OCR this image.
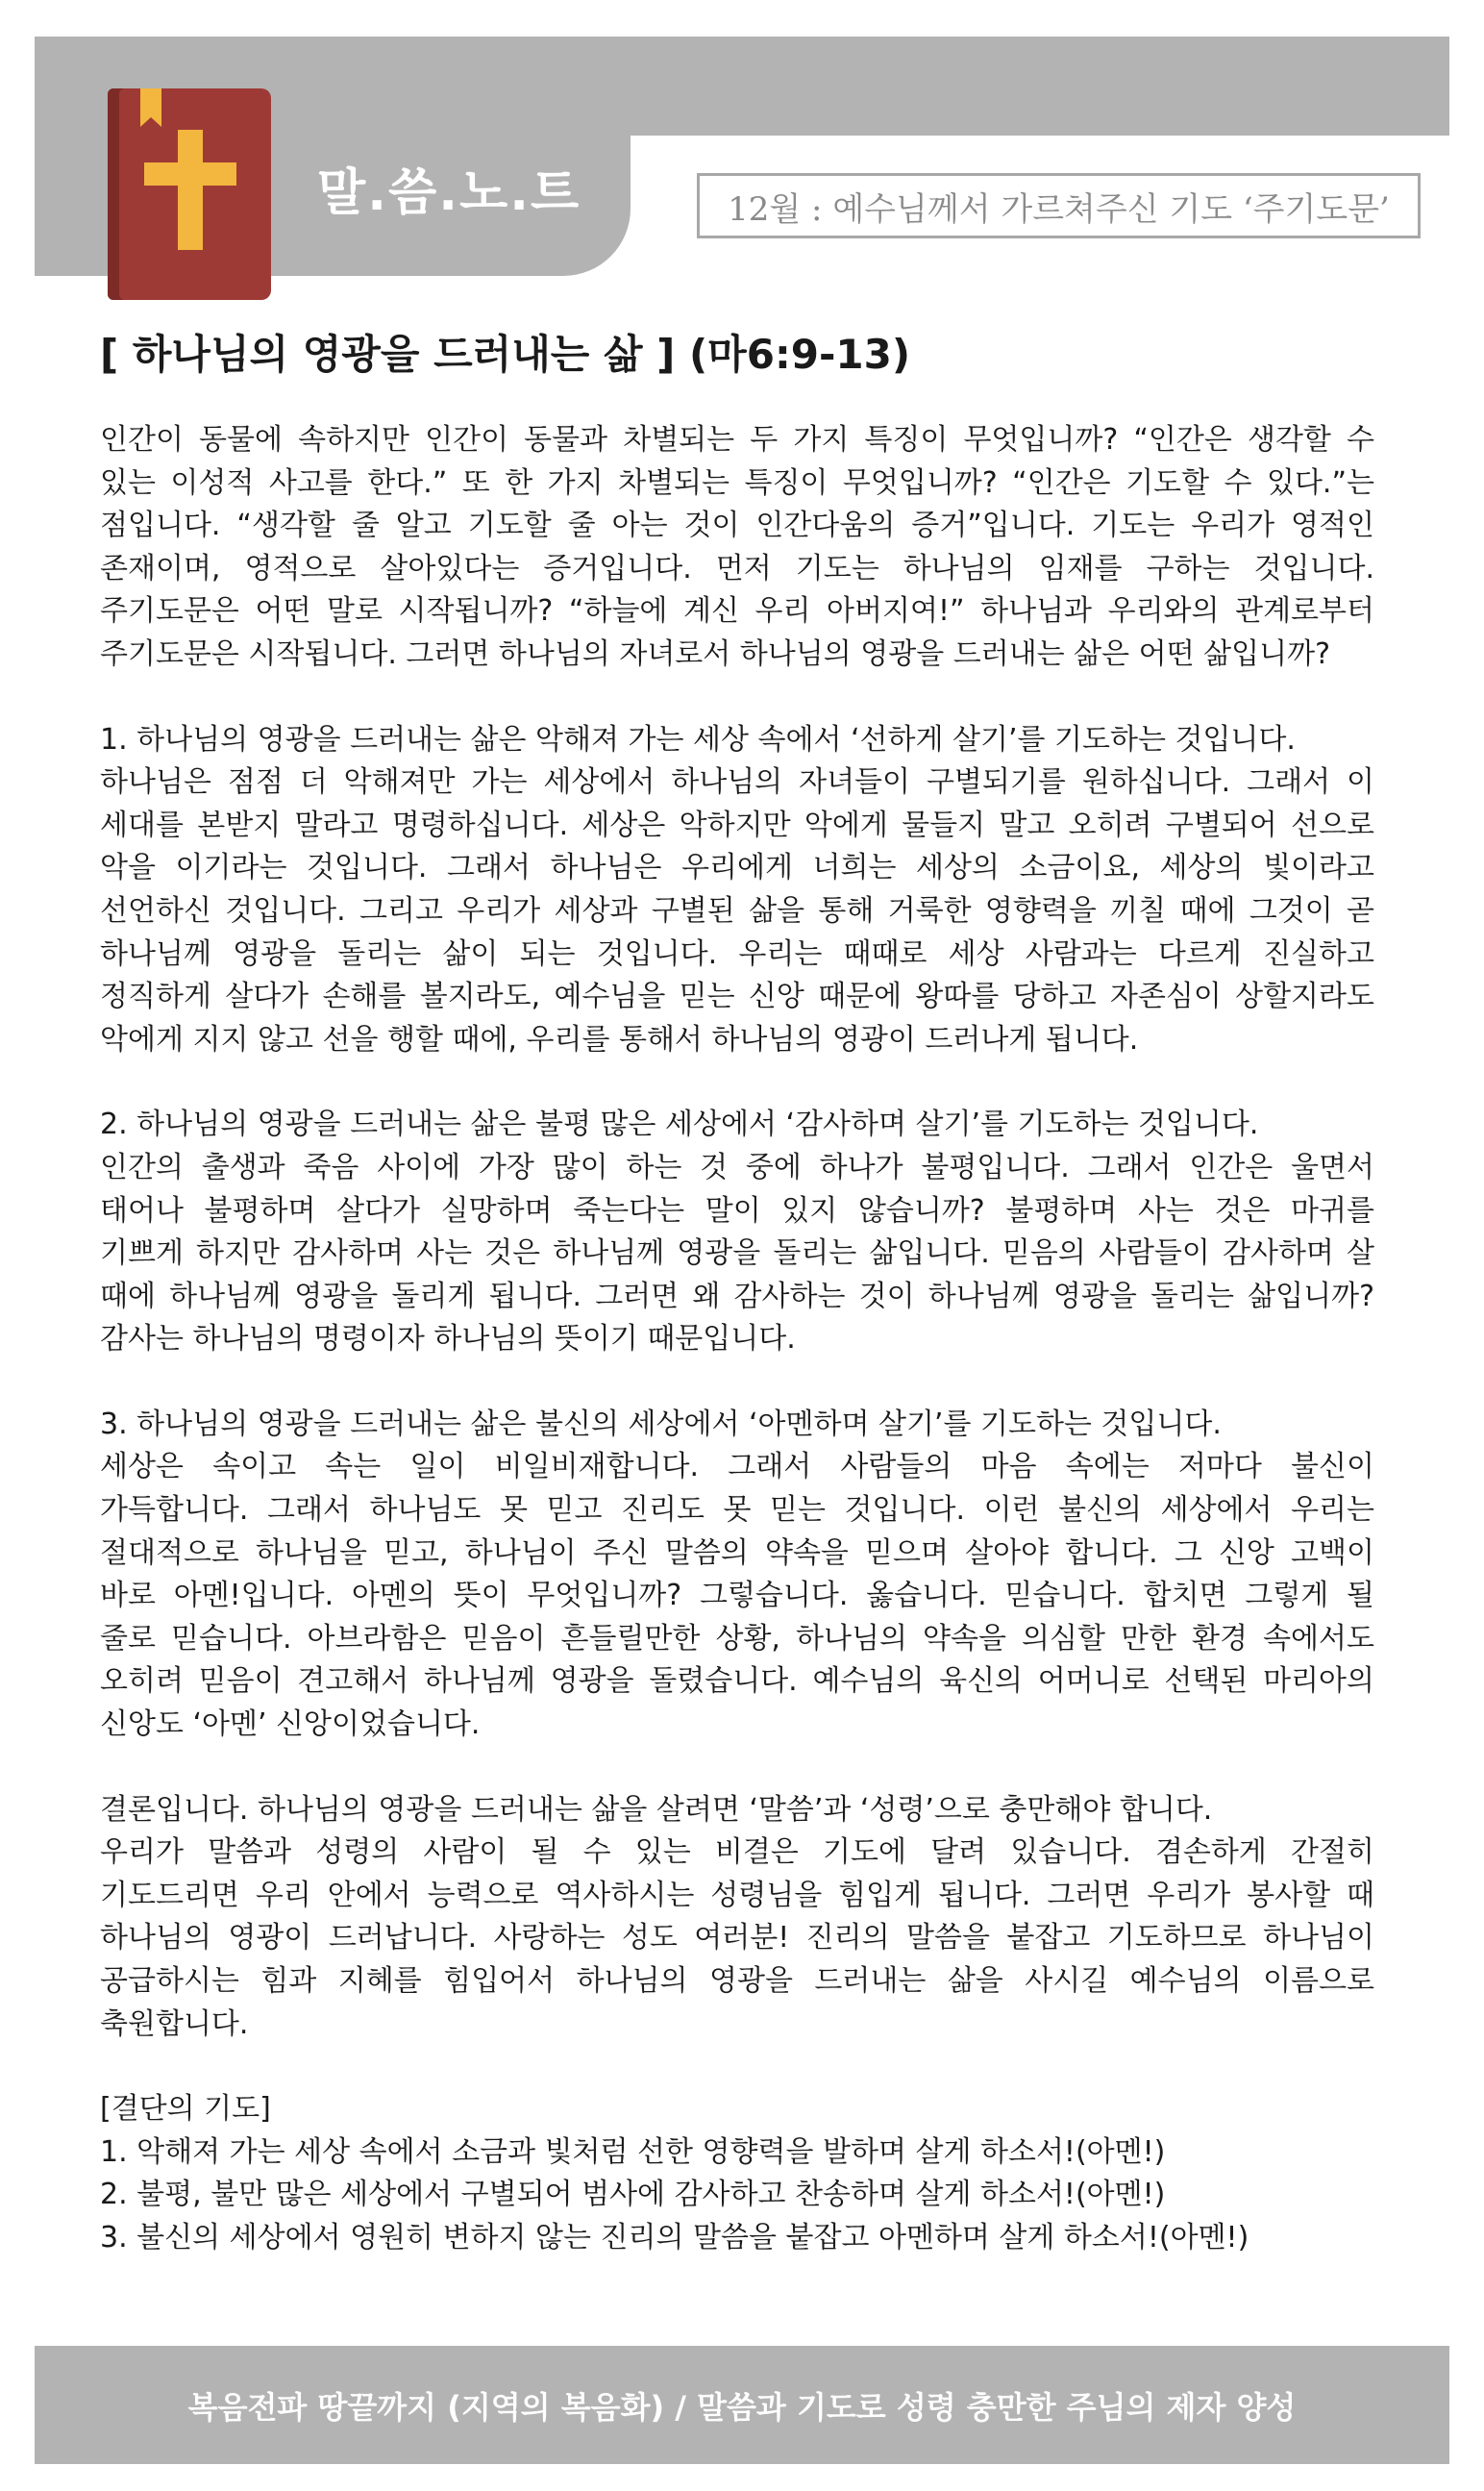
말.씀.노.트	12월 : 예수님께서 가르쳐주신 기도 ‘주기도문’
[ 하나님의 영광을 드러내는 삶 ] (마6:9-13)
인간이 동물에 속하지만 인간이 동물과 차별되는 두 가지 특징이 무엇입니까? “인간은 생각할 수
있는 이성적 사고를 한다.” 또 한 가지 차별되는 특징이 무엇입니까? “인간은 기도할 수 있다.”는
점입니다. “생각할 줄 알고 기도할 줄 아는 것이 인간다움의 증거”입니다. 기도는 우리가 영적인
존재이며, 영적으로 살아있다는 증거입니다. 먼저 기도는 하나님의 임재를 구하는 것입니다.
주기도문은 어떤 말로 시작됩니까? “하늘에 계신 우리 아버지여!” 하나님과 우리와의 관계로부터
주기도문은 시작됩니다. 그러면 하나님의 자녀로서 하나님의 영광을 드러내는 삶은 어떤 삶입니까?
1. 하나님의 영광을 드러내는 삶은 악해져 가는 세상 속에서 ‘선하게 살기’를 기도하는 것입니다.
하나님은 점점 더 악해져만 가는 세상에서 하나님의 자녀들이 구별되기를 원하십니다. 그래서 이
세대를 본받지 말라고 명령하십니다. 세상은 악하지만 악에게 물들지 말고 오히려 구별되어 선으로
악을 이기라는 것입니다. 그래서 하나님은 우리에게 너희는 세상의 소금이요, 세상의 빛이라고
선언하신 것입니다. 그리고 우리가 세상과 구별된 삶을 통해 거룩한 영향력을 끼칠 때에 그것이 곧
하나님께 영광을 돌리는 삶이 되는 것입니다. 우리는 때때로 세상 사람과는 다르게 진실하고
정직하게 살다가 손해를 볼지라도, 예수님을 믿는 신앙 때문에 왕따를 당하고 자존심이 상할지라도
악에게 지지 않고 선을 행할 때에, 우리를 통해서 하나님의 영광이 드러나게 됩니다.
2. 하나님의 영광을 드러내는 삶은 불평 많은 세상에서 ‘감사하며 살기’를 기도하는 것입니다.
인간의 출생과 죽음 사이에 가장 많이 하는 것 중에 하나가 불평입니다. 그래서 인간은 울면서
태어나 불평하며 살다가 실망하며 죽는다는 말이 있지 않습니까? 불평하며 사는 것은 마귀를
기쁘게 하지만 감사하며 사는 것은 하나님께 영광을 돌리는 삶입니다. 믿음의 사람들이 감사하며 살
때에 하나님께 영광을 돌리게 됩니다. 그러면 왜 감사하는 것이 하나님께 영광을 돌리는 삶입니까?
감사는 하나님의 명령이자 하나님의 뜻이기 때문입니다.
3. 하나님의 영광을 드러내는 삶은 불신의 세상에서 ‘아멘하며 살기’를 기도하는 것입니다.
세상은 속이고 속는 일이 비일비재합니다. 그래서 사람들의 마음 속에는 저마다 불신이
가득합니다. 그래서 하나님도 못 믿고 진리도 못 믿는 것입니다. 이런 불신의 세상에서 우리는
절대적으로 하나님을 믿고, 하나님이 주신 말씀의 약속을 믿으며 살아야 합니다. 그 신앙 고백이
바로 아멘!입니다. 아멘의 뜻이 무엇입니까? 그렇습니다. 옳습니다. 믿습니다. 합치면 그렇게 될
줄로 믿습니다. 아브라함은 믿음이 흔들릴만한 상황, 하나님의 약속을 의심할 만한 환경 속에서도
오히려 믿음이 견고해서 하나님께 영광을 돌렸습니다. 예수님의 육신의 어머니로 선택된 마리아의
신앙도 ‘아멘’ 신앙이었습니다.
결론입니다. 하나님의 영광을 드러내는 삶을 살려면 ‘말씀’과 ‘성령’으로 충만해야 합니다.
우리가 말씀과 성령의 사람이 될 수 있는 비결은 기도에 달려 있습니다. 겸손하게 간절히
기도드리면 우리 안에서 능력으로 역사하시는 성령님을 힘입게 됩니다. 그러면 우리가 봉사할 때
하나님의 영광이 드러납니다. 사랑하는 성도 여러분! 진리의 말씀을 붙잡고 기도하므로 하나님이
공급하시는 힘과 지혜를 힘입어서 하나님의 영광을 드러내는 삶을 사시길 예수님의 이름으로
축원합니다.
[결단의 기도]
1. 악해져 가는 세상 속에서 소금과 빛처럼 선한 영향력을 발하며 살게 하소서!(아멘!)
2. 불평, 불만 많은 세상에서 구별되어 범사에 감사하고 찬송하며 살게 하소서!(아멘!)
3. 불신의 세상에서 영원히 변하지 않는 진리의 말씀을 붙잡고 아멘하며 살게 하소서!(아멘!)
복음전파 땅끝까지 (지역의 복음화) / 말씀과 기도로 성령 충만한 주님의 제자 양성
